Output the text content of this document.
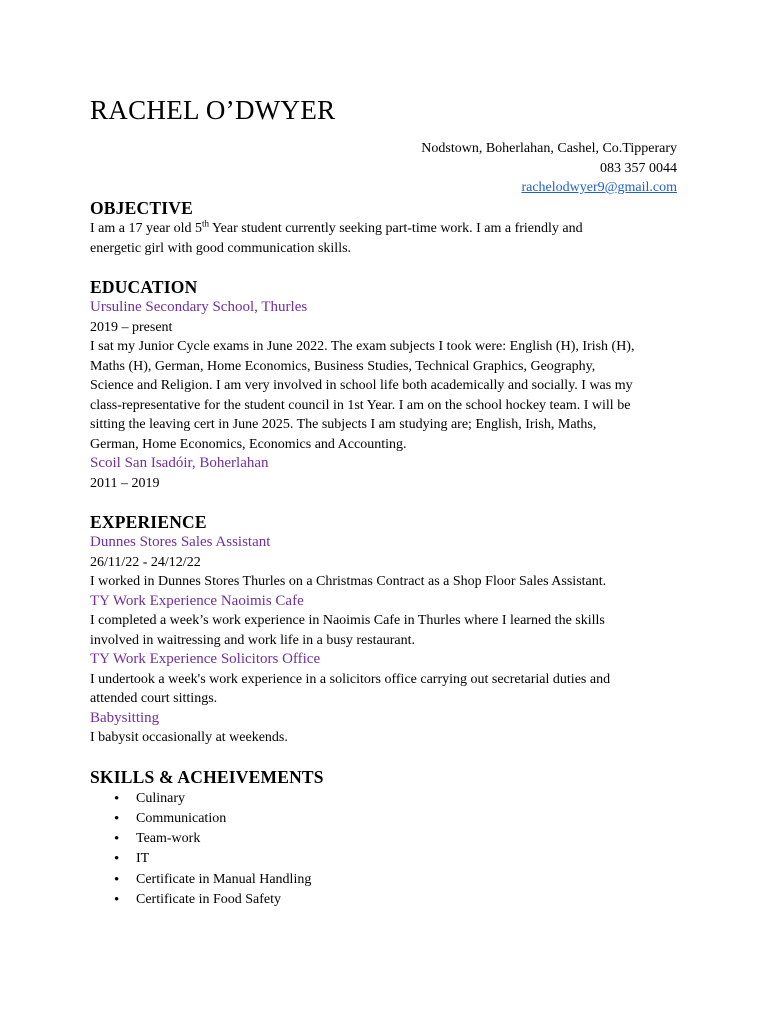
RACHEL O’DWYER
Nodstown, Boherlahan, Cashel, Co.Tipperary
083 357 0044
rachelodwyer9@gmail.com
OBJECTIVE

I am a 17 year old 5th Year student currently seeking part-time work. I am a friendly and

energetic girl with good communication skills.

EDUCATION
Ursuline Secondary School, Thurles

2019 – present

I sat my Junior Cycle exams in June 2022. The exam subjects I took were: English (H), Irish (H),

Maths (H), German, Home Economics, Business Studies, Technical Graphics, Geography,

Science and Religion. I am very involved in school life both academically and socially. I was my

class-representative for the student council in 1st Year. I am on the school hockey team. I will be

sitting the leaving cert in June 2025. The subjects I am studying are; English, Irish, Maths,

German, Home Economics, Economics and Accounting.

Scoil San Isadóir, Boherlahan

2011 – 2019

EXPERIENCE
Dunnes Stores Sales Assistant

26/11/22 - 24/12/22

I worked in Dunnes Stores Thurles on a Christmas Contract as a Shop Floor Sales Assistant.

TY Work Experience Naoimis Cafe

I completed a week’s work experience in Naoimis Cafe in Thurles where I learned the skills

involved in waitressing and work life in a busy restaurant.

TY Work Experience Solicitors Office

I undertook a week's work experience in a solicitors office carrying out secretarial duties and

attended court sittings.

Babysitting

I babysit occasionally at weekends.

SKILLS & ACHEIVEMENTS
• Culinary
• Communication
• Team-work
• IT
• Certificate in Manual Handling
• Certificate in Food Safety
